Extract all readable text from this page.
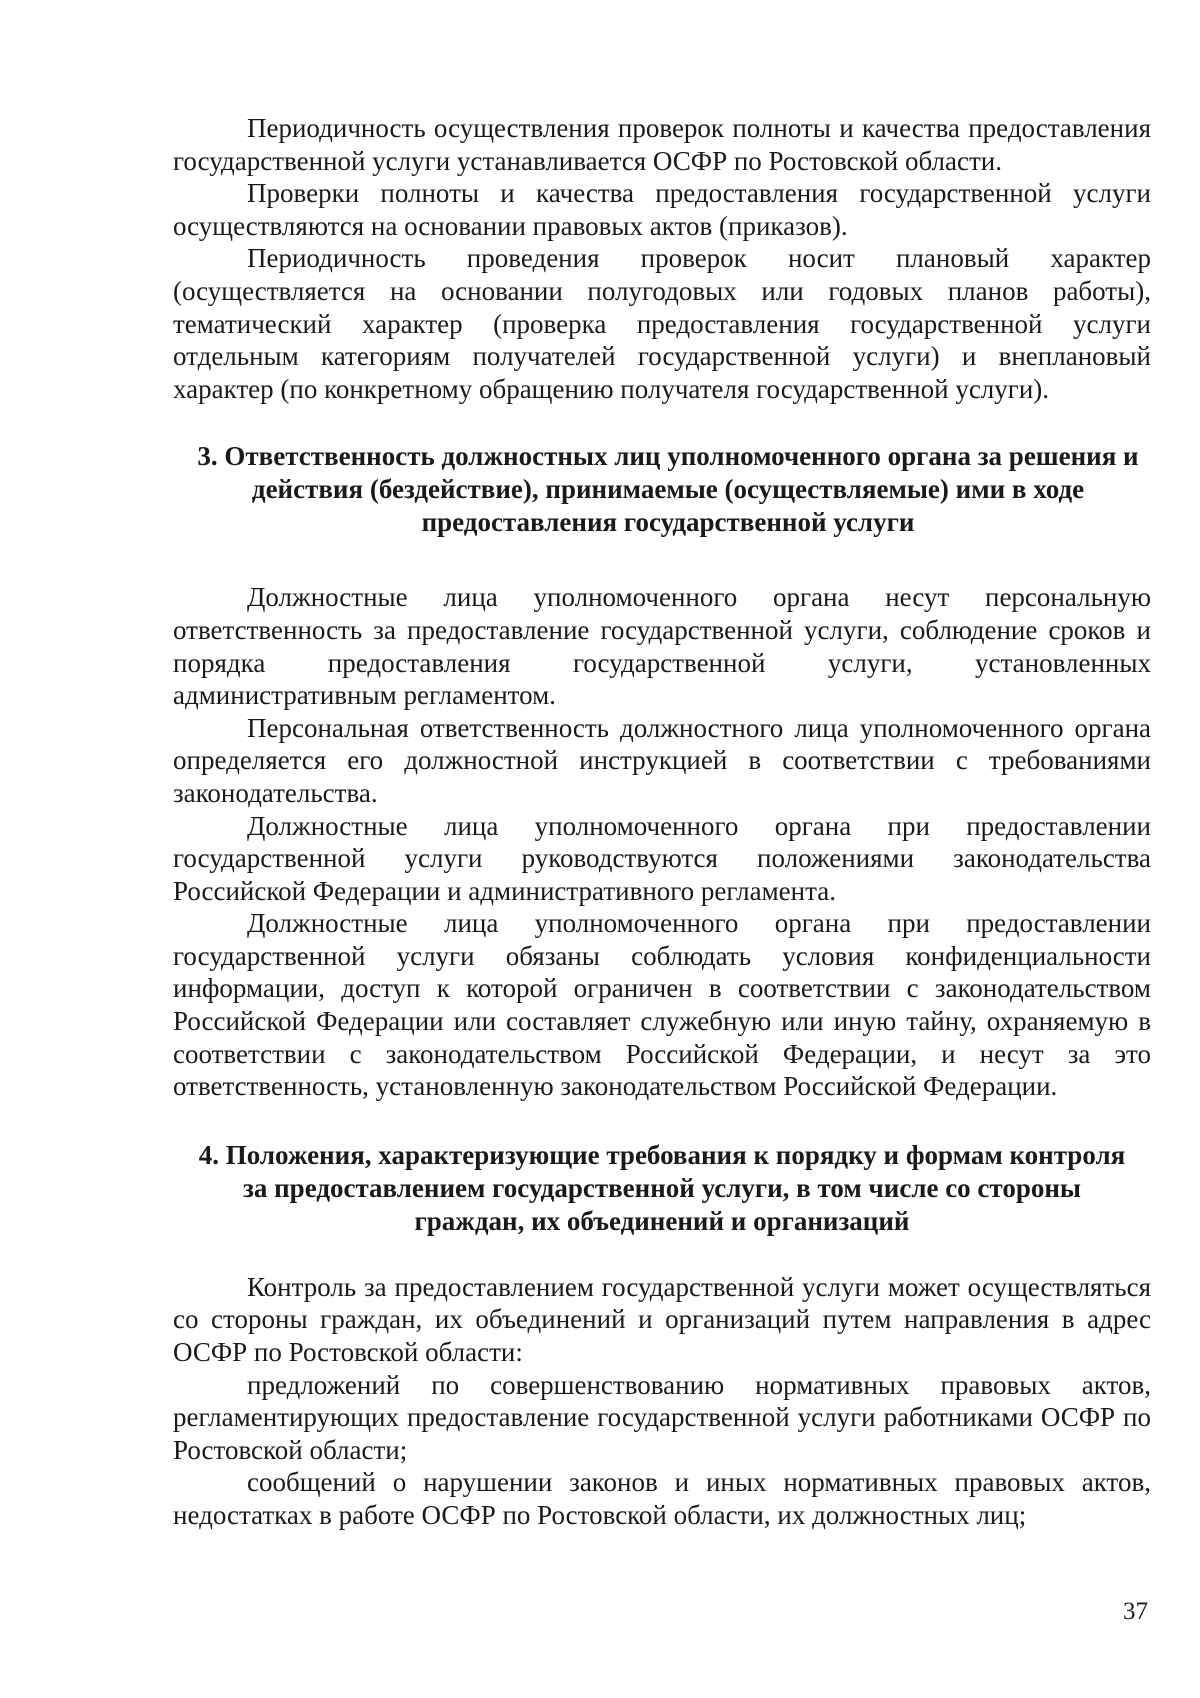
Периодичность осуществления проверок полноты и качества предоставления государственной услуги устанавливается ОСФР по Ростовской области.

Проверки полноты и качества предоставления государственной услуги осуществляются на основании правовых актов (приказов).

Периодичность проведения проверок носит плановый характер (осуществляется на основании полугодовых или годовых планов работы), тематический характер (проверка предоставления государственной услуги отдельным категориям получателей государственной услуги) и внеплановый характер (по конкретному обращению получателя государственной услуги).

3. Ответственность должностных лиц уполномоченного органа за решения и действия (бездействие), принимаемые (осуществляемые) ими в ходе предоставления государственной услуги

Должностные лица уполномоченного органа несут персональную ответственность за предоставление государственной услуги, соблюдение сроков и порядка предоставления государственной услуги, установленных административным регламентом.

Персональная ответственность должностного лица уполномоченного органа определяется его должностной инструкцией в соответствии с требованиями законодательства.

Должностные лица уполномоченного органа при предоставлении государственной услуги руководствуются положениями законодательства Российской Федерации и административного регламента.

Должностные лица уполномоченного органа при предоставлении государственной услуги обязаны соблюдать условия конфиденциальности информации, доступ к которой ограничен в соответствии с законодательством Российской Федерации или составляет служебную или иную тайну, охраняемую в соответствии с законодательством Российской Федерации, и несут за это ответственность, установленную законодательством Российской Федерации.

4. Положения, характеризующие требования к порядку и формам контроля за предоставлением государственной услуги, в том числе со стороны граждан, их объединений и организаций

Контроль за предоставлением государственной услуги может осуществляться со стороны граждан, их объединений и организаций путем направления в адрес ОСФР по Ростовской области:

предложений по совершенствованию нормативных правовых актов, регламентирующих предоставление государственной услуги работниками ОСФР по Ростовской области;

сообщений о нарушении законов и иных нормативных правовых актов, недостатках в работе ОСФР по Ростовской области, их должностных лиц;

37
